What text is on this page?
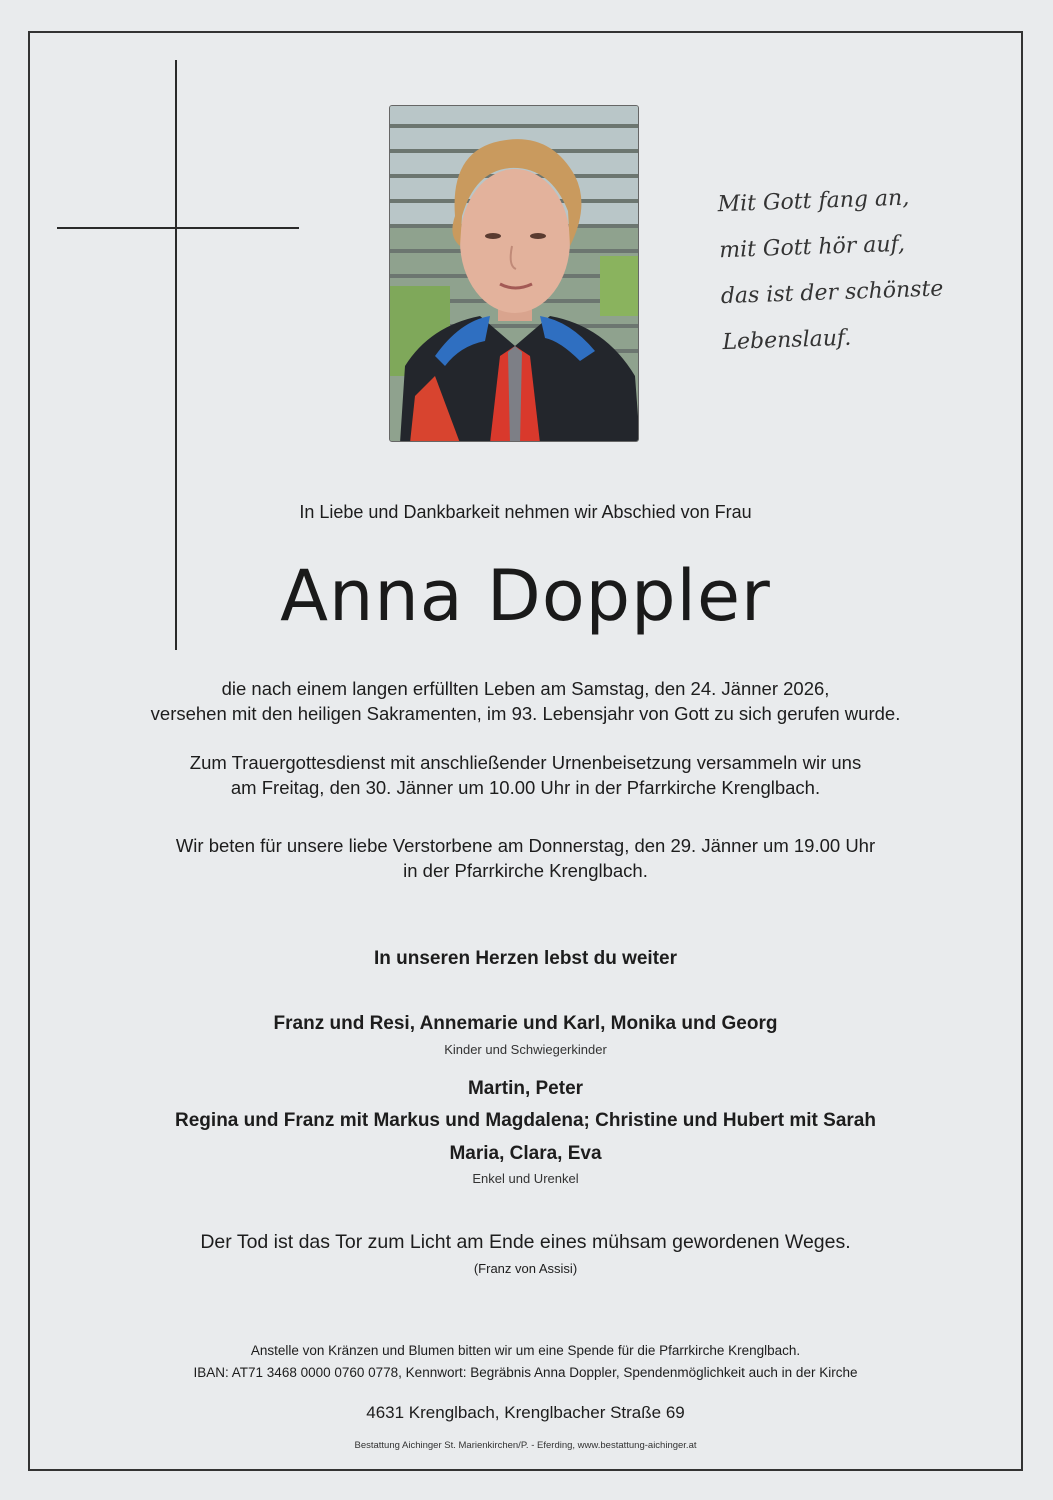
Mit Gott fang an,
mit Gott hör auf,
das ist der schönste
Lebenslauf.
In Liebe und Dankbarkeit nehmen wir Abschied von Frau
Anna Doppler
die nach einem langen erfüllten Leben am Samstag, den 24. Jänner 2026,
versehen mit den heiligen Sakramenten, im 93. Lebensjahr von Gott zu sich gerufen wurde.
Zum Trauergottesdienst mit anschließender Urnenbeisetzung versammeln wir uns
am Freitag, den 30. Jänner um 10.00 Uhr in der Pfarrkirche Krenglbach.
Wir beten für unsere liebe Verstorbene am Donnerstag, den 29. Jänner um 19.00 Uhr
in der Pfarrkirche Krenglbach.
In unseren Herzen lebst du weiter
Franz und Resi, Annemarie und Karl, Monika und Georg
Kinder und Schwiegerkinder
Martin, Peter
Regina und Franz mit Markus und Magdalena; Christine und Hubert mit Sarah
Maria, Clara, Eva
Enkel und Urenkel
Der Tod ist das Tor zum Licht am Ende eines mühsam gewordenen Weges.
(Franz von Assisi)
Anstelle von Kränzen und Blumen bitten wir um eine Spende für die Pfarrkirche Krenglbach.
IBAN: AT71 3468 0000 0760 0778, Kennwort: Begräbnis Anna Doppler, Spendenmöglichkeit auch in der Kirche
4631 Krenglbach, Krenglbacher Straße 69
Bestattung Aichinger St. Marienkirchen/P. - Eferding, www.bestattung-aichinger.at
